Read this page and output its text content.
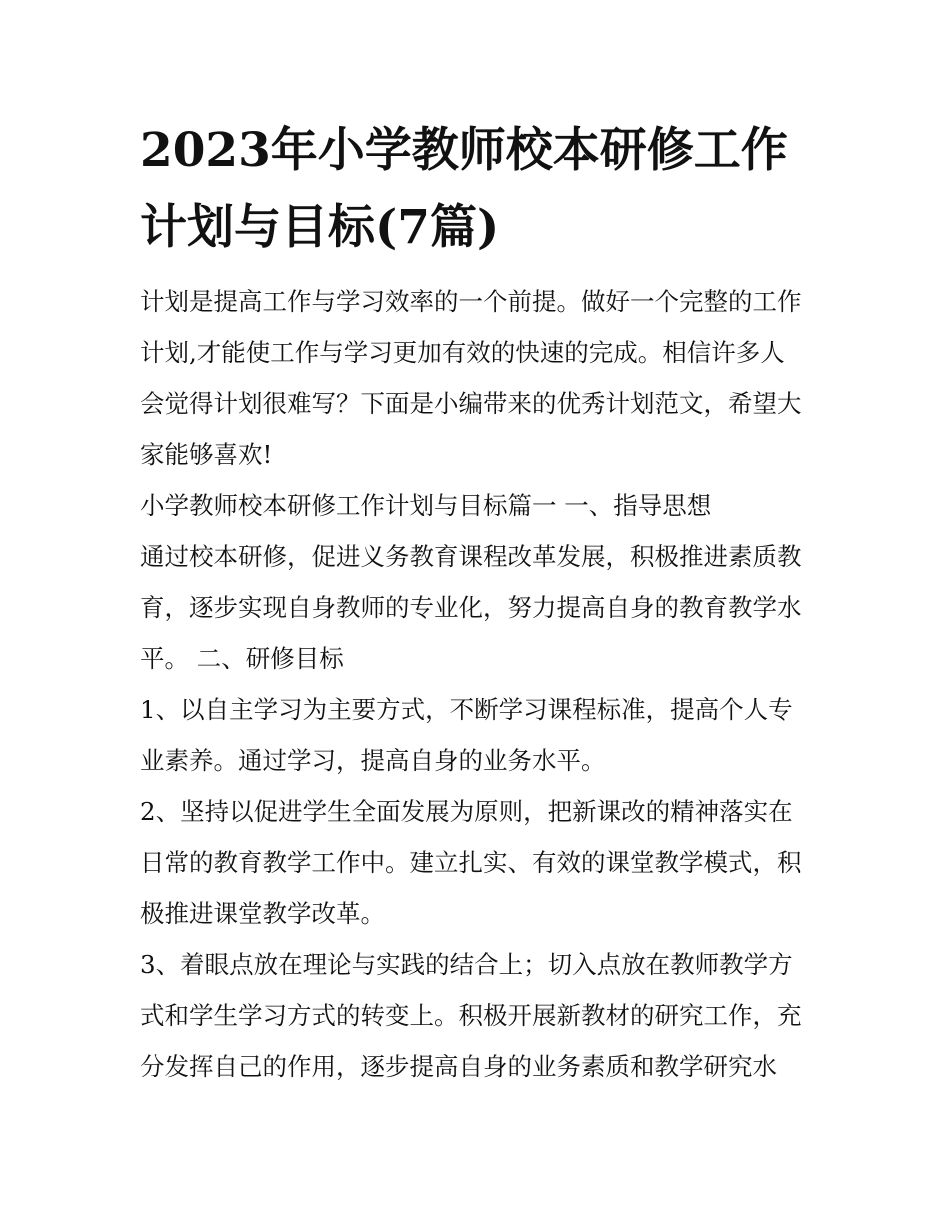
2023年小学教师校本研修工作
计划与目标(7篇)
计划是提高工作与学习效率的一个前提。做好一个完整的工作
计划,才能使工作与学习更加有效的快速的完成。相信许多人
会觉得计划很难写？下面是小编带来的优秀计划范文，希望大
家能够喜欢!
小学教师校本研修工作计划与目标篇一 一、指导思想
通过校本研修，促进义务教育课程改革发展，积极推进素质教
育，逐步实现自身教师的专业化，努力提高自身的教育教学水
平。 二、研修目标
1、以自主学习为主要方式，不断学习课程标准，提高个人专
业素养。通过学习，提高自身的业务水平。
2、坚持以促进学生全面发展为原则，把新课改的精神落实在
日常的教育教学工作中。建立扎实、有效的课堂教学模式，积
极推进课堂教学改革。
3、着眼点放在理论与实践的结合上；切入点放在教师教学方
式和学生学习方式的转变上。积极开展新教材的研究工作，充
分发挥自己的作用，逐步提高自身的业务素质和教学研究水
